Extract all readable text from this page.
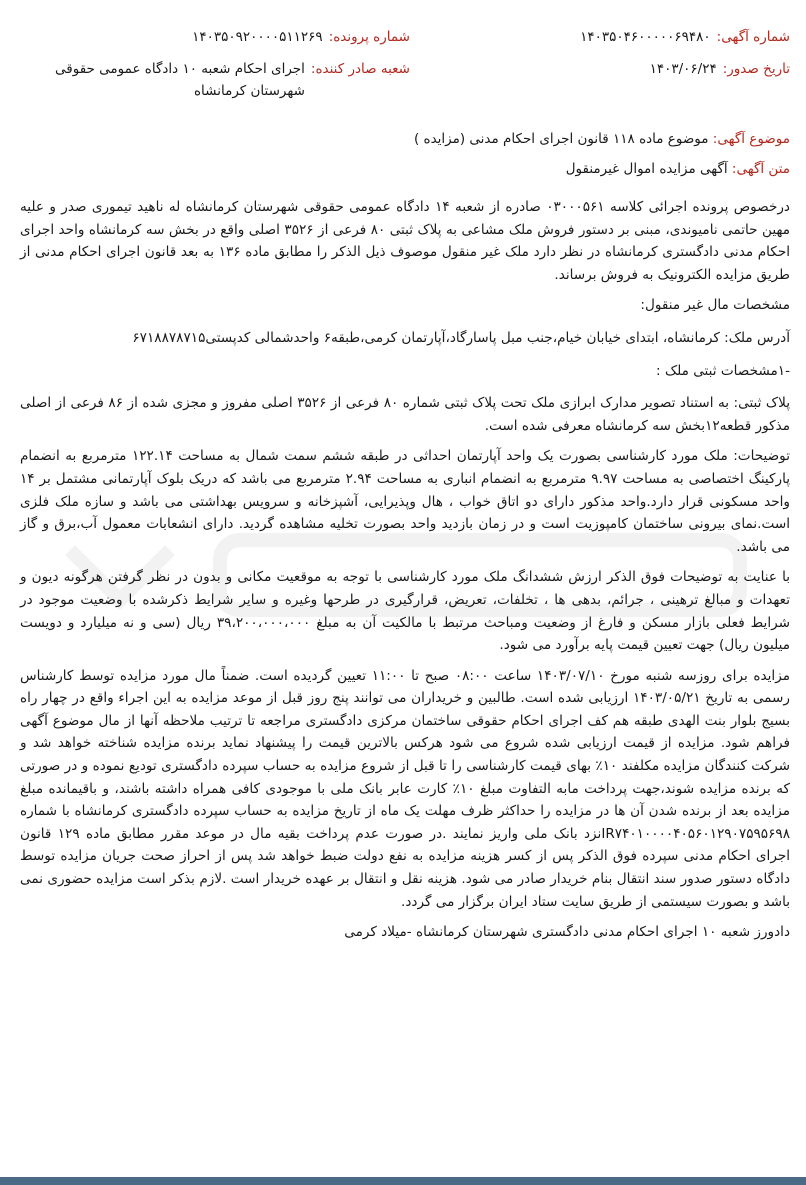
شماره آگهی:
۱۴۰۳۵۰۴۶۰۰۰۰۰۶۹۴۸۰
شماره پرونده:
۱۴۰۳۵۰۹۲۰۰۰۰۵۱۱۲۶۹
تاریخ صدور:
۱۴۰۳/۰۶/۲۴
شعبه صادر کننده:
اجرای احکام شعبه ۱۰ دادگاه عمومی حقوقی شهرستان کرمانشاه
موضوع آگهی: موضوع ماده ۱۱۸ قانون اجرای احکام مدنی (مزایده )
متن آگهی: آگهی مزایده اموال غیرمنقول

درخصوص پرونده اجرائی کلاسه ۰۳۰۰۰۵۶۱ صادره از شعبه ۱۴ دادگاه عمومی حقوقی شهرستان کرمانشاه له ناهید تیموری صدر و علیه مهین حاتمی نامیوندی، مبنی بر دستور فروش ملک مشاعی به پلاک ثبتی ۸۰ فرعی از ۳۵۲۶ اصلی واقع در بخش سه کرمانشاه واحد اجرای احکام مدنی دادگستری کرمانشاه در نظر دارد ملک غیر منقول موصوف ذیل الذکر را مطابق ماده ۱۳۶ به بعد قانون اجرای احکام مدنی از طریق مزایده الکترونیک به فروش برساند.

مشخصات مال غیر منقول:

آدرس ملک: کرمانشاه، ابتدای خیابان خیام،جنب مبل پاسارگاد،آپارتمان کرمی،طبقه۶ واحدشمالی کدپستی۶۷۱۸۸۷۸۷۱۵

-۱مشخصات ثبتی ملک :

پلاک ثبتی: به استناد تصویر مدارک ابرازی ملک تحت پلاک ثبتی شماره ۸۰ فرعی از ۳۵۲۶ اصلی مفروز و مجزی شده از ۸۶ فرعی از اصلی مذکور قطعه۱۲بخش سه کرمانشاه معرفی شده است.

توضیحات: ملک مورد کارشناسی بصورت یک واحد آپارتمان احداثی در طبقه ششم سمت شمال به مساحت ۱۲۲.۱۴ مترمربع به انضمام پارکینگ اختصاصی به مساحت ۹.۹۷ مترمربع به انضمام انباری به مساحت ۲.۹۴ مترمربع می باشد که دریک بلوک آپارتمانی مشتمل بر ۱۴ واحد مسکونی قرار دارد.واحد مذکور دارای دو اتاق خواب ، هال وپذیرایی، آشپزخانه و سرویس بهداشتی می باشد و سازه ملک فلزی است.نمای بیرونی ساختمان کامپوزیت است و در زمان بازدید واحد بصورت تخلیه مشاهده گردید. دارای انشعابات معمول آب،برق و گاز می باشد.

با عنایت به توضیحات فوق الذکر ارزش ششدانگ ملک مورد کارشناسی با توجه به موقعیت مکانی و بدون در نظر گرفتن هرگونه دیون و تعهدات و مبالغ ترهینی ، جرائم، بدهی ها ، تخلفات، تعریض، قرارگیری در طرحها وغیره و سایر شرایط ذکرشده با وضعیت موجود در شرایط فعلی بازار مسکن و فارغ از وضعیت ومباحث مرتبط با مالکیت آن به مبلغ ۳۹،۲۰۰،۰۰۰،۰۰۰ ریال (سی و نه میلیارد و دویست میلیون ریال) جهت تعیین قیمت پایه برآورد می شود.

مزایده برای روزسه شنبه مورخ ۱۴۰۳/۰۷/۱۰ ساعت ۰۸:۰۰ صبح تا ۱۱:۰۰ تعیین گردیده است. ضمناً مال مورد مزایده توسط کارشناس رسمی به تاریخ ۱۴۰۳/۰۵/۲۱ ارزیابی شده است. طالبین و خریداران می توانند پنج روز قبل از موعد مزایده به این اجراء واقع در چهار راه بسیج بلوار بنت الهدی طبقه هم کف اجرای احکام حقوقی ساختمان مرکزی دادگستری مراجعه تا ترتیب ملاحظه آنها از مال موضوع آگهی فراهم شود. مزایده از قیمت ارزیابی شده شروع می شود هرکس بالاترین قیمت را پیشنهاد نماید برنده مزایده شناخته خواهد شد و شرکت کنندگان مزایده مکلفند ۱۰٪ بهای قیمت کارشناسی را تا قبل از شروع مزایده به حساب سپرده دادگستری تودیع نموده و در صورتی که برنده مزایده شوند،جهت پرداخت مابه التفاوت مبلغ ۱۰٪ کارت عابر بانک ملی با موجودی کافی همراه داشته باشند، و باقیمانده مبلغ مزایده بعد از برنده شدن آن ها در مزایده را حداکثر ظرف مهلت یک ماه از تاریخ مزایده به حساب سپرده دادگستری کرمانشاه با شماره IR۷۴۰۱۰۰۰۰۴۰۵۶۰۱۲۹۰۷۵۹۵۶۹۸نزد بانک ملی واریز نمایند .در صورت عدم پرداخت بقیه مال در موعد مقرر مطابق ماده ۱۲۹ قانون اجرای احکام مدنی سپرده فوق الذکر پس از کسر هزینه مزایده به نفع دولت ضبط خواهد شد پس از احراز صحت جریان مزایده توسط دادگاه دستور صدور سند انتقال بنام خریدار صادر می شود. هزینه نقل و انتقال بر عهده خریدار است .لازم بذکر است مزایده حضوری نمی باشد و بصورت سیستمی از طریق سایت ستاد ایران برگزار می گردد.

دادورز شعبه ۱۰ اجرای احکام مدنی دادگستری شهرستان کرمانشاه -میلاد کرمی
